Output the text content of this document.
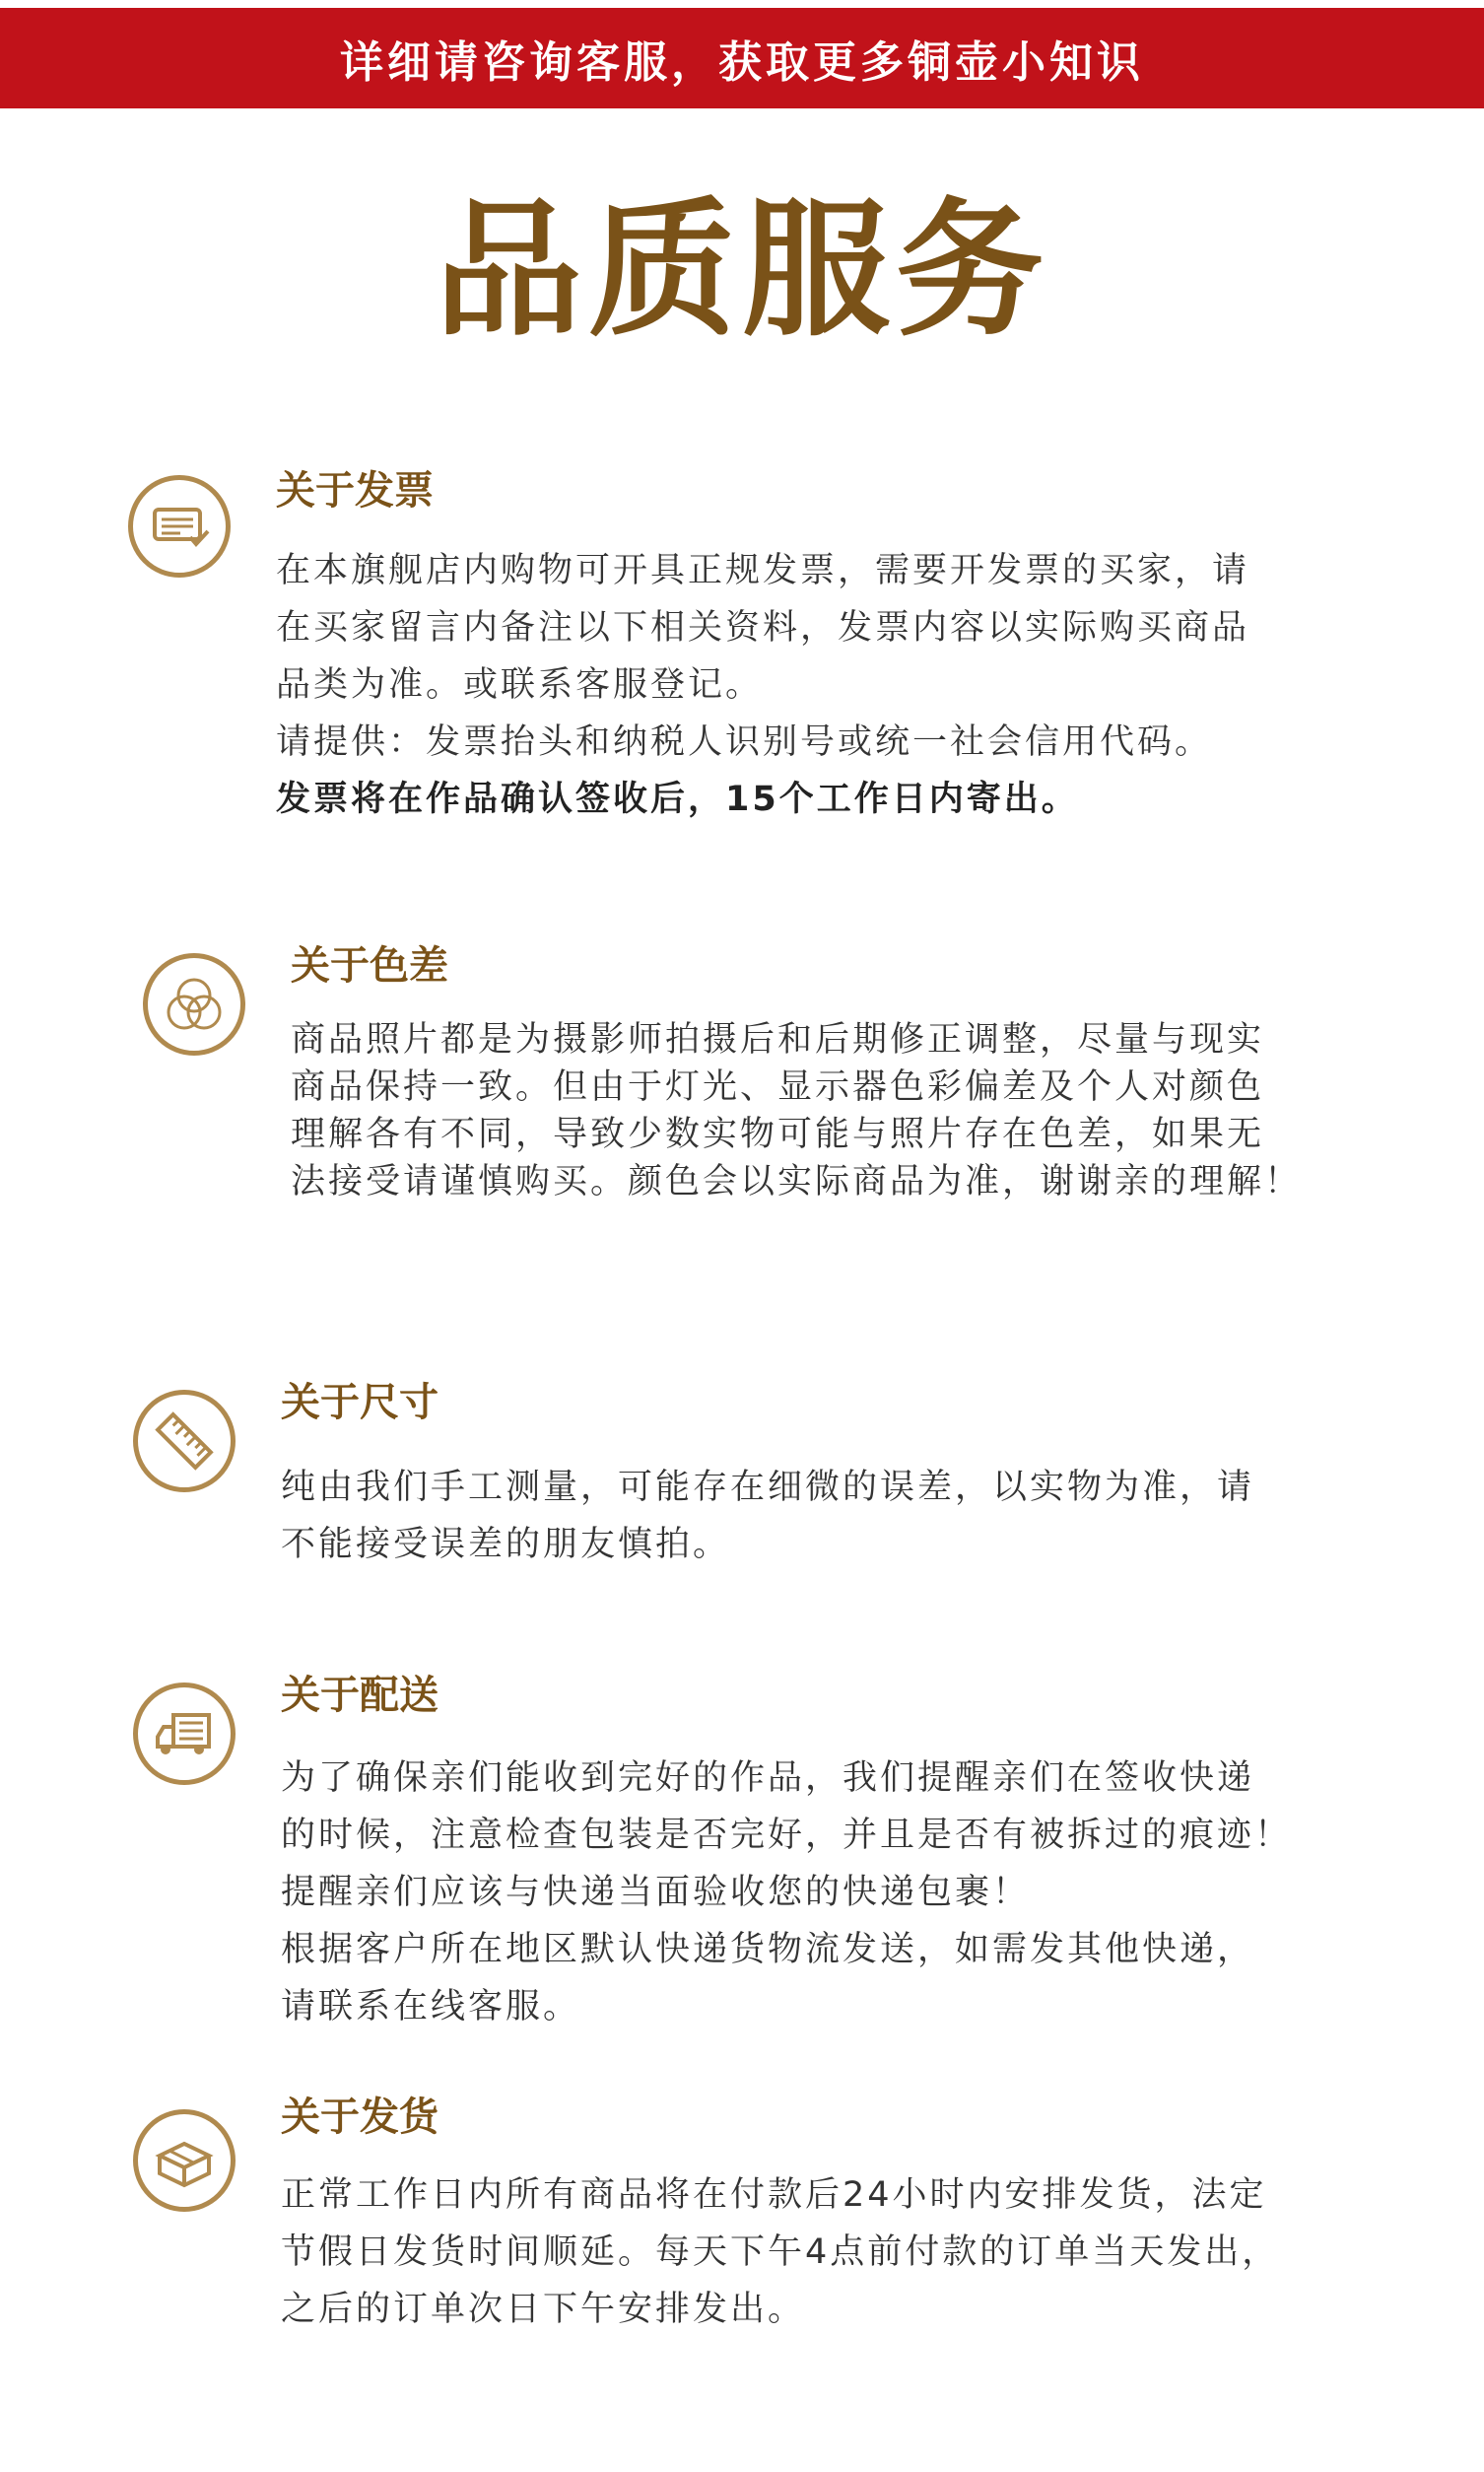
详细请咨询客服，获取更多铜壶小知识
品质服务
关于发票
在本旗舰店内购物可开具正规发票，需要开发票的买家，请
在买家留言内备注以下相关资料，发票内容以实际购买商品
品类为准。或联系客服登记。
请提供：发票抬头和纳税人识别号或统一社会信用代码。
发票将在作品确认签收后，15个工作日内寄出。
关于色差
商品照片都是为摄影师拍摄后和后期修正调整，尽量与现实
商品保持一致。但由于灯光、显示器色彩偏差及个人对颜色
理解各有不同，导致少数实物可能与照片存在色差，如果无
法接受请谨慎购买。颜色会以实际商品为准，谢谢亲的理解！
关于尺寸
纯由我们手工测量，可能存在细微的误差，以实物为准，请
不能接受误差的朋友慎拍。
关于配送
为了确保亲们能收到完好的作品，我们提醒亲们在签收快递
的时候，注意检查包装是否完好，并且是否有被拆过的痕迹！
提醒亲们应该与快递当面验收您的快递包裹！
根据客户所在地区默认快递货物流发送，如需发其他快递，
请联系在线客服。
关于发货
正常工作日内所有商品将在付款后24小时内安排发货，法定
节假日发货时间顺延。每天下午4点前付款的订单当天发出，
之后的订单次日下午安排发出。
